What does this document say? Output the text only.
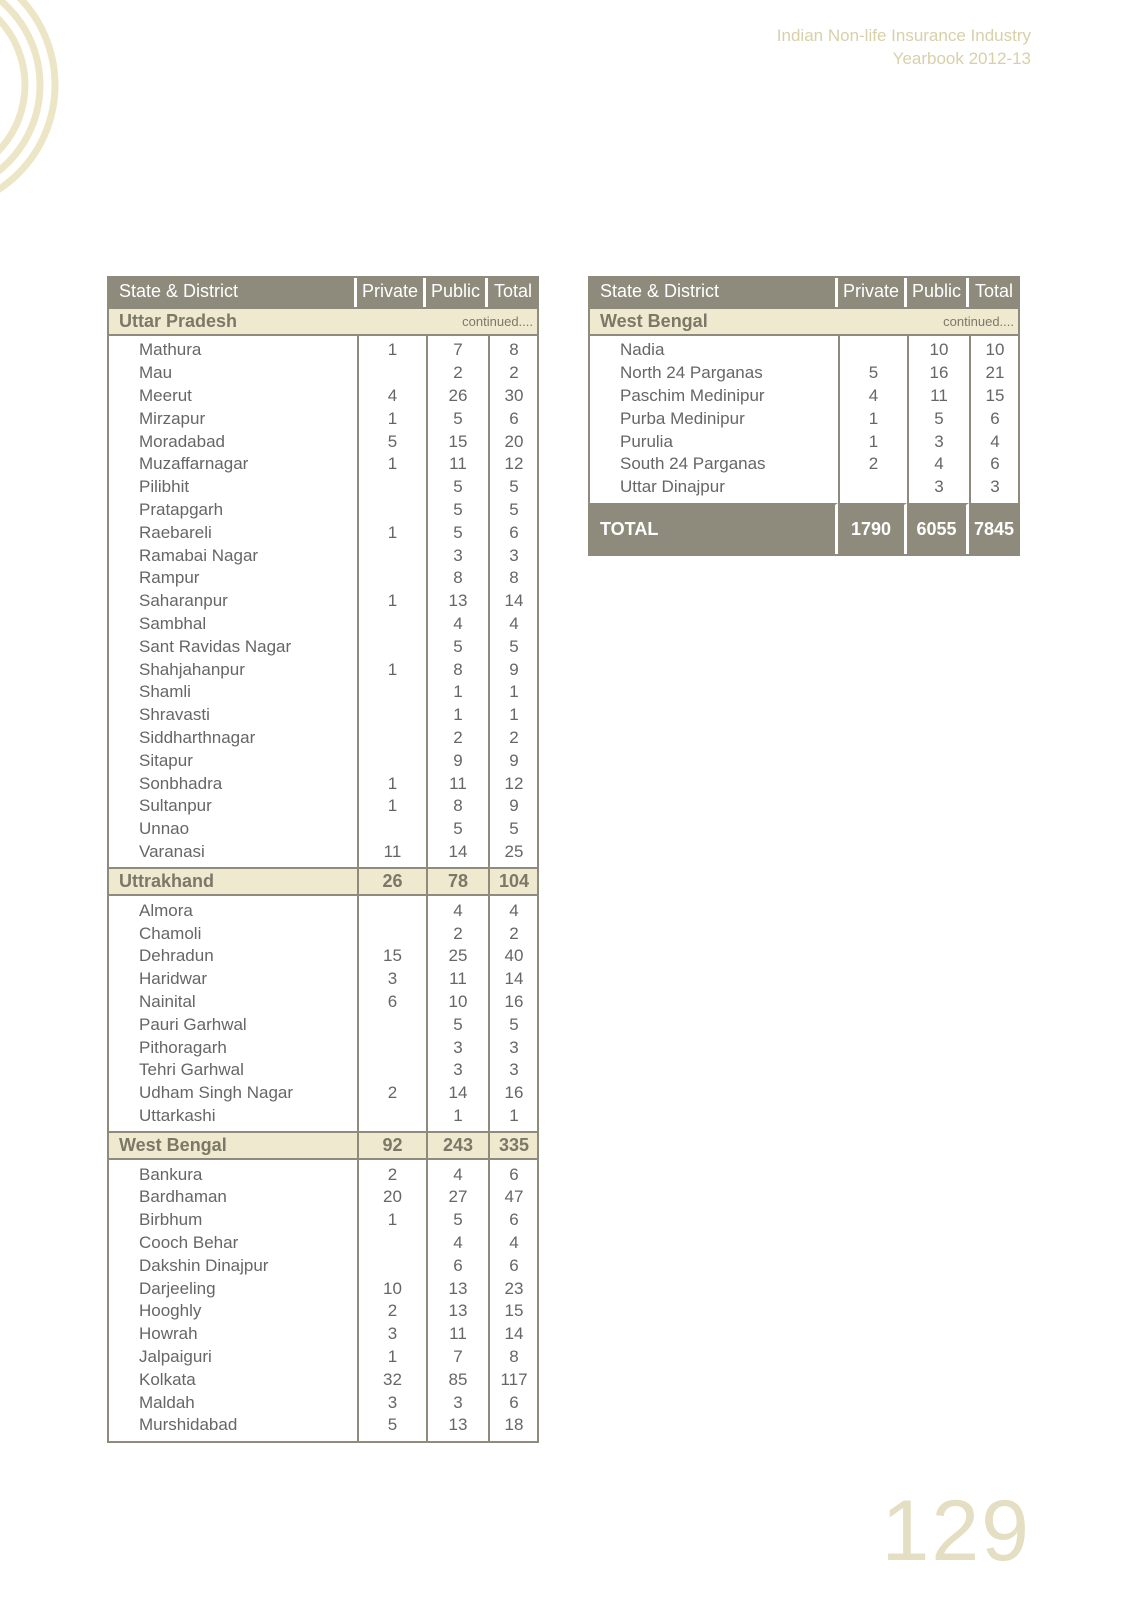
Indian Non-life Insurance Industry
Yearbook 2012-13
State & District	Private	Public	Total
Uttar Pradesh	continued....		
Mathura	1	7	8
Mau		2	2
Meerut	4	26	30
Mirzapur	1	5	6
Moradabad	5	15	20
Muzaffarnagar	1	11	12
Pilibhit		5	5
Pratapgarh		5	5
Raebareli	1	5	6
Ramabai Nagar		3	3
Rampur		8	8
Saharanpur	1	13	14
Sambhal		4	4
Sant Ravidas Nagar		5	5
Shahjahanpur	1	8	9
Shamli		1	1
Shravasti		1	1
Siddharthnagar		2	2
Sitapur		9	9
Sonbhadra	1	11	12
Sultanpur	1	8	9
Unnao		5	5
Varanasi	11	14	25
Uttrakhand	26	78	104
Almora		4	4
Chamoli		2	2
Dehradun	15	25	40
Haridwar	3	11	14
Nainital	6	10	16
Pauri Garhwal		5	5
Pithoragarh		3	3
Tehri Garhwal		3	3
Udham Singh Nagar	2	14	16
Uttarkashi		1	1
West Bengal	92	243	335
Bankura	2	4	6
Bardhaman	20	27	47
Birbhum	1	5	6
Cooch Behar		4	4
Dakshin Dinajpur		6	6
Darjeeling	10	13	23
Hooghly	2	13	15
Howrah	3	11	14
Jalpaiguri	1	7	8
Kolkata	32	85	117
Maldah	3	3	6
Murshidabad	5	13	18
State & District	Private	Public	Total
West Bengal	continued....		
Nadia		10	10
North 24 Parganas	5	16	21
Paschim Medinipur	4	11	15
Purba Medinipur	1	5	6
Purulia	1	3	4
South 24 Parganas	2	4	6
Uttar Dinajpur		3	3
TOTAL	1790	6055	7845
129
